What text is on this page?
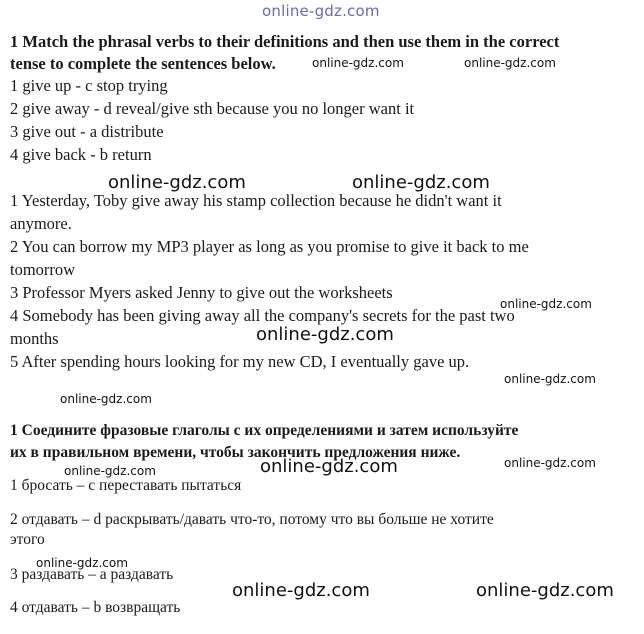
online-gdz.com
1 Match the phrasal verbs to their definitions and then use them in the correct
tense to complete the sentences below.
1 give up - c stop trying
2 give away - d reveal/give sth because you no longer want it
3 give out - a distribute
4 give back - b return
1 Yesterday, Toby give away his stamp collection because he didn't want it
anymore.
2 You can borrow my MP3 player as long as you promise to give it back to me
tomorrow
3 Professor Myers asked Jenny to give out the worksheets
4 Somebody has been giving away all the company's secrets for the past two
months
5 After spending hours looking for my new CD, I eventually gave up.
1 Соедините фразовые глаголы с их определениями и затем используйте
их в правильном времени, чтобы закончить предложения ниже.
1 бросать – с переставать пытаться
2 отдавать – d раскрывать/давать что-то, потому что вы больше не хотите
этого
3 раздавать – а раздавать
4 отдавать – b возвращать
online-gdz.com	online-gdz.com
online-gdz.com	online-gdz.com
online-gdz.com
online-gdz.com
online-gdz.com
online-gdz.com
online-gdz.com
online-gdz.com
online-gdz.com
online-gdz.com
online-gdz.com	online-gdz.com
